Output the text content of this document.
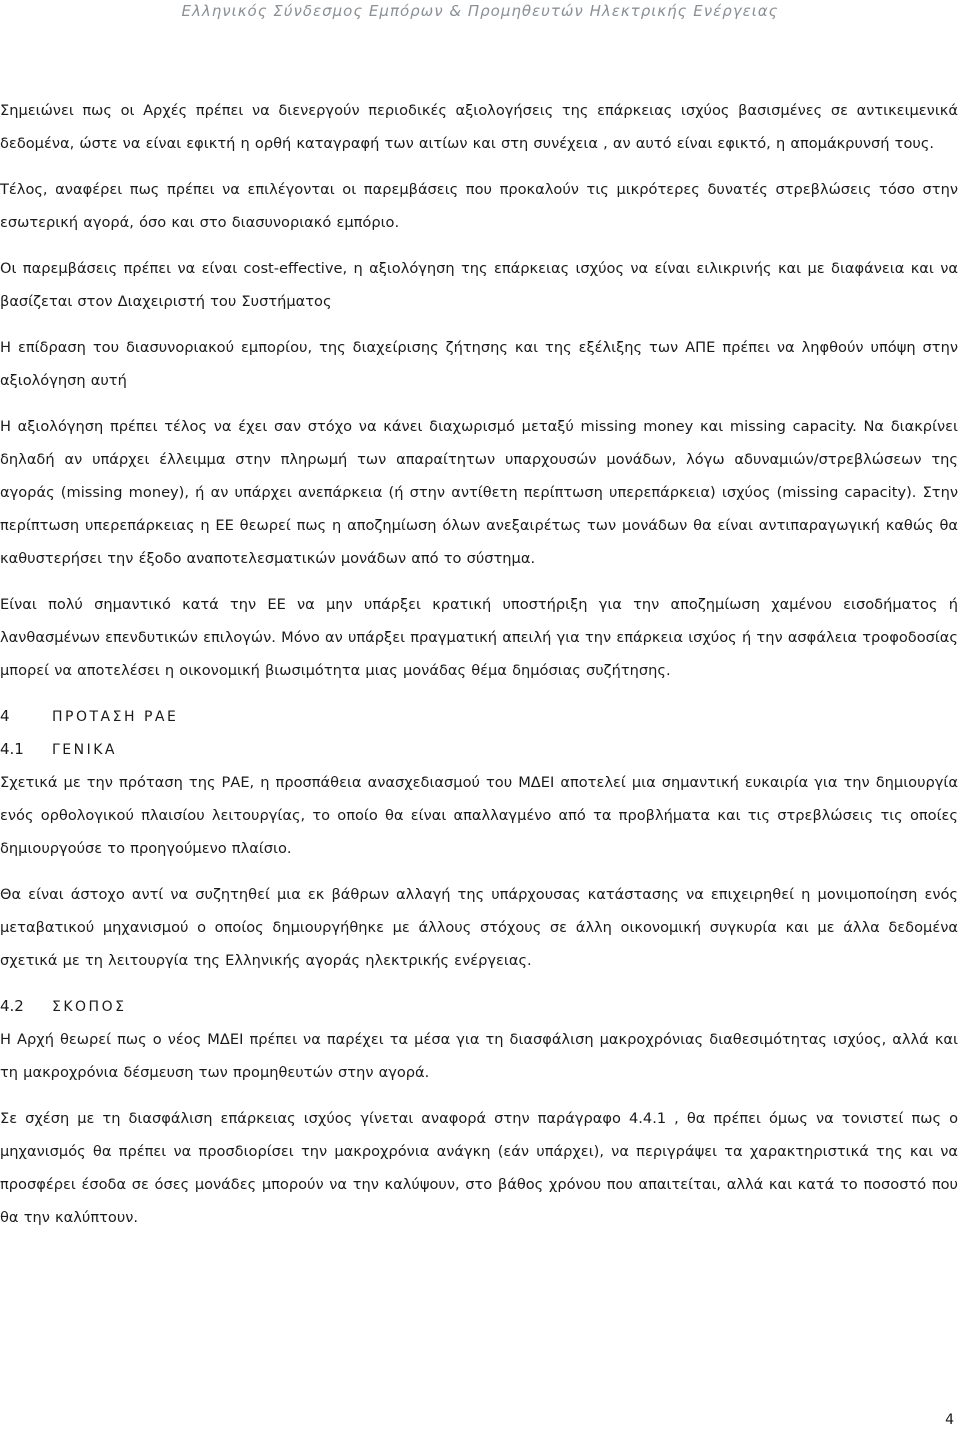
Ελληνικός Σύνδεσμος Εμπόρων & Προμηθευτών Ηλεκτρικής Ενέργειας

Σημειώνει πως οι Αρχές πρέπει να διενεργούν περιοδικές αξιολογήσεις της επάρκειας ισχύος βασισμένες σε αντικειμενικά δεδομένα, ώστε να είναι εφικτή η ορθή καταγραφή των αιτίων και στη συνέχεια , αν αυτό είναι εφικτό, η απομάκρυνσή τους.

Τέλος, αναφέρει πως πρέπει να επιλέγονται οι παρεμβάσεις που προκαλούν τις μικρότερες δυνατές στρεβλώσεις τόσο στην εσωτερική αγορά, όσο και στο διασυνοριακό εμπόριο.

Οι παρεμβάσεις πρέπει να είναι cost-effective, η αξιολόγηση της επάρκειας ισχύος να είναι ειλικρινής και με διαφάνεια και να βασίζεται στον Διαχειριστή του Συστήματος

Η επίδραση του διασυνοριακού εμπορίου, της διαχείρισης ζήτησης και της εξέλιξης των ΑΠΕ πρέπει να ληφθούν υπόψη στην αξιολόγηση αυτή

Η αξιολόγηση πρέπει τέλος να έχει σαν στόχο να κάνει διαχωρισμό μεταξύ missing money και missing capacity. Να διακρίνει δηλαδή αν υπάρχει έλλειμμα στην πληρωμή των απαραίτητων υπαρχουσών μονάδων, λόγω αδυναμιών/στρεβλώσεων της αγοράς (missing money), ή αν υπάρχει ανεπάρκεια (ή στην αντίθετη περίπτωση υπερεπάρκεια) ισχύος (missing capacity). Στην περίπτωση υπερεπάρκειας η ΕΕ θεωρεί πως η αποζημίωση όλων ανεξαιρέτως των μονάδων θα είναι αντιπαραγωγική καθώς θα καθυστερήσει την έξοδο αναποτελεσματικών μονάδων από το σύστημα.

Είναι πολύ σημαντικό κατά την ΕΕ να μην υπάρξει κρατική υποστήριξη για την αποζημίωση χαμένου εισοδήματος ή λανθασμένων επενδυτικών επιλογών. Μόνο αν υπάρξει πραγματική απειλή για την επάρκεια ισχύος ή την ασφάλεια τροφοδοσίας μπορεί να αποτελέσει η οικονομική βιωσιμότητα μιας μονάδας θέμα δημόσιας συζήτησης.

4	ΠΡΟΤΑΣΗ ΡΑΕ
4.1 ΓΕΝΙΚΑ

Σχετικά με την πρόταση της ΡΑΕ, η προσπάθεια ανασχεδιασμού του ΜΔΕΙ αποτελεί μια σημαντική ευκαιρία για την δημιουργία ενός ορθολογικού πλαισίου λειτουργίας, το οποίο θα είναι απαλλαγμένο από τα προβλήματα και τις στρεβλώσεις τις οποίες δημιουργούσε το προηγούμενο πλαίσιο.

Θα είναι άστοχο αντί να συζητηθεί μια εκ βάθρων αλλαγή της υπάρχουσας κατάστασης να επιχειρηθεί η μονιμοποίηση ενός μεταβατικού μηχανισμού ο οποίος δημιουργήθηκε με άλλους στόχους σε άλλη οικονομική συγκυρία και με άλλα δεδομένα σχετικά με τη λειτουργία της Ελληνικής αγοράς ηλεκτρικής ενέργειας.

4.2 ΣΚΟΠΟΣ

Η Αρχή θεωρεί πως ο νέος ΜΔΕΙ πρέπει να παρέχει τα μέσα για τη διασφάλιση μακροχρόνιας διαθεσιμότητας ισχύος, αλλά και τη μακροχρόνια δέσμευση των προμηθευτών στην αγορά.

Σε σχέση με τη διασφάλιση επάρκειας ισχύος γίνεται αναφορά στην παράγραφο 4.4.1 , θα πρέπει όμως να τονιστεί πως ο μηχανισμός θα πρέπει να προσδιορίσει την μακροχρόνια ανάγκη (εάν υπάρχει), να περιγράψει τα χαρακτηριστικά της και να προσφέρει έσοδα σε όσες μονάδες μπορούν να την καλύψουν, στο βάθος χρόνου που απαιτείται, αλλά και κατά το ποσοστό που θα την καλύπτουν.

4
